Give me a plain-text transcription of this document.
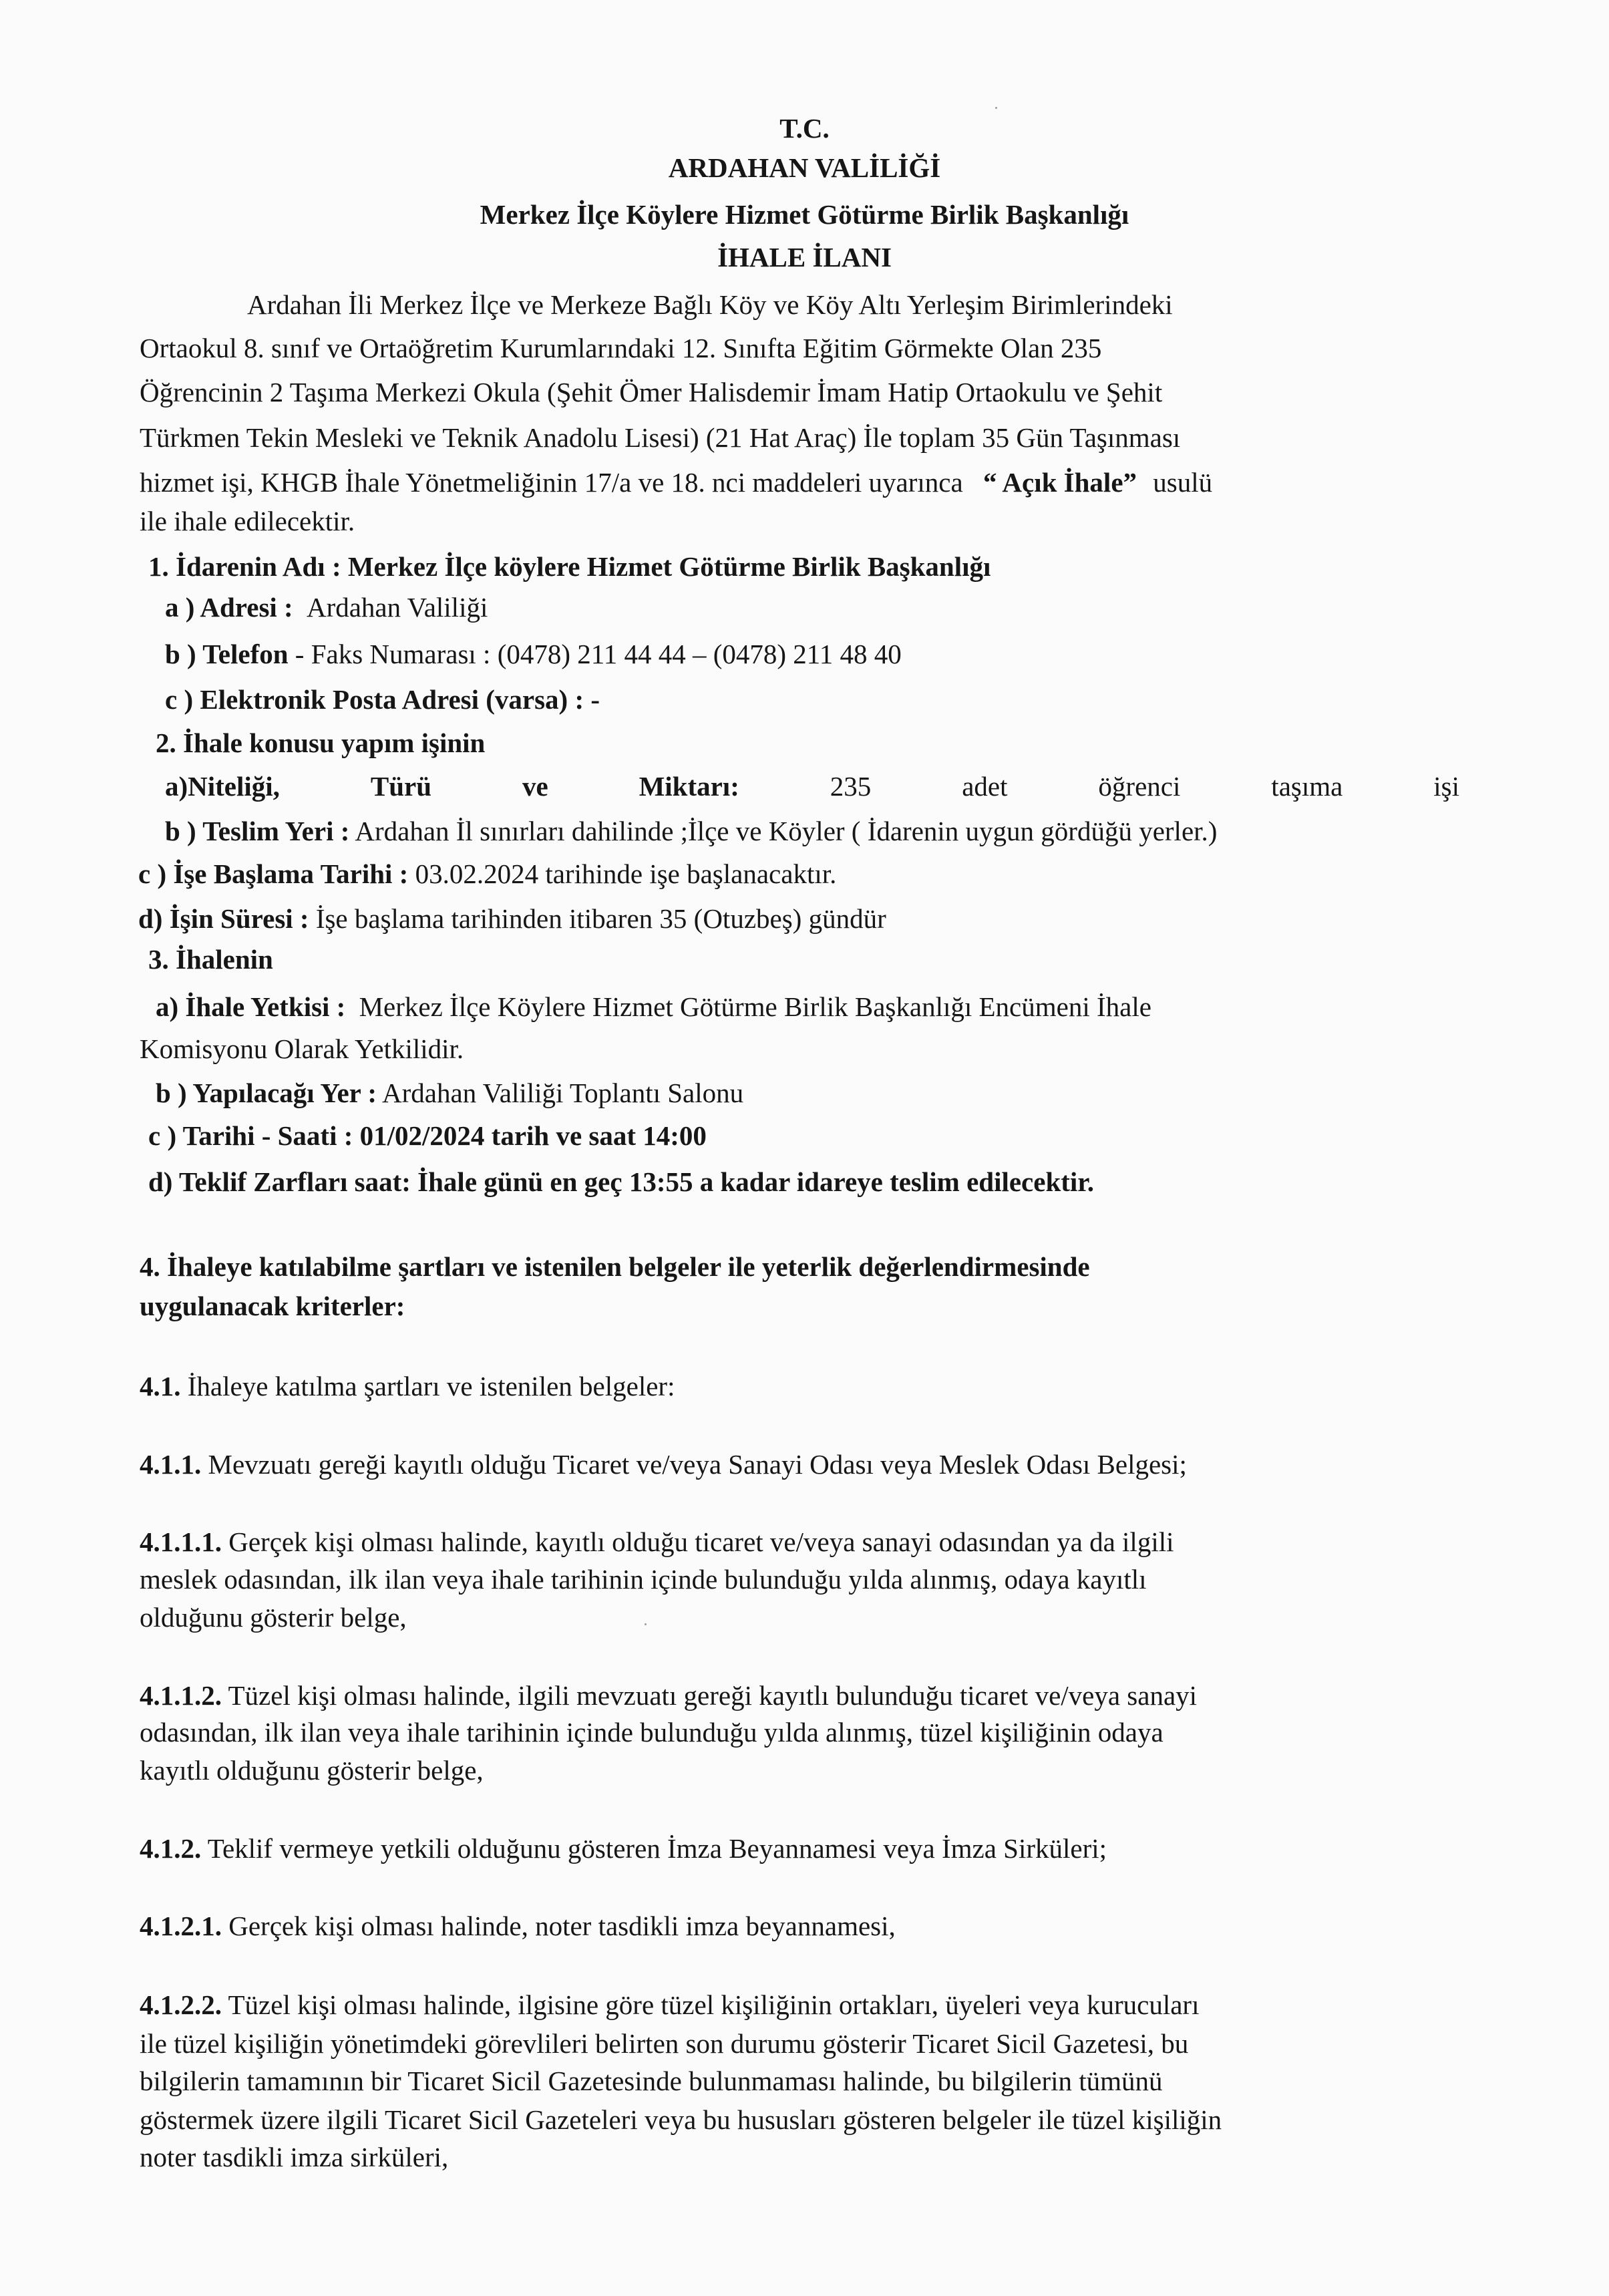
T.C.
ARDAHAN VALİLİĞİ
Merkez İlçe Köylere Hizmet Götürme Birlik Başkanlığı
İHALE İLANI
Ardahan İli Merkez İlçe ve Merkeze Bağlı Köy ve Köy Altı Yerleşim Birimlerindeki
Ortaokul 8. sınıf ve Ortaöğretim Kurumlarındaki 12. Sınıfta Eğitim Görmekte Olan 235
Öğrencinin 2 Taşıma Merkezi Okula (Şehit Ömer Halisdemir İmam Hatip Ortaokulu ve Şehit
Türkmen Tekin Mesleki ve Teknik Anadolu Lisesi) (21 Hat Araç) İle toplam 35 Gün Taşınması
hizmet işi, KHGB İhale Yönetmeliğinin 17/a ve 18. nci maddeleri uyarınca “ Açık İhale” usulü
ile ihale edilecektir.
1. İdarenin Adı : Merkez İlçe köylere Hizmet Götürme Birlik Başkanlığı
a ) Adresi : Ardahan Valiliği
b ) Telefon - Faks Numarası : (0478) 211 44 44 – (0478) 211 48 40
c ) Elektronik Posta Adresi (varsa) : -
2. İhale konusu yapım işinin
a)Niteliği,	Türü	ve	Miktarı:	235	adet	öğrenci	taşıma	işi
b ) Teslim Yeri : Ardahan İl sınırları dahilinde ;İlçe ve Köyler ( İdarenin uygun gördüğü yerler.)
c ) İşe Başlama Tarihi : 03.02.2024 tarihinde işe başlanacaktır.
d) İşin Süresi : İşe başlama tarihinden itibaren 35 (Otuzbeş) gündür
3. İhalenin
a) İhale Yetkisi : Merkez İlçe Köylere Hizmet Götürme Birlik Başkanlığı Encümeni İhale
Komisyonu Olarak Yetkilidir.
b ) Yapılacağı Yer : Ardahan Valiliği Toplantı Salonu
c ) Tarihi - Saati : 01/02/2024 tarih ve saat 14:00
d) Teklif Zarfları saat: İhale günü en geç 13:55 a kadar idareye teslim edilecektir.
4. İhaleye katılabilme şartları ve istenilen belgeler ile yeterlik değerlendirmesinde
uygulanacak kriterler:
4.1. İhaleye katılma şartları ve istenilen belgeler:
4.1.1. Mevzuatı gereği kayıtlı olduğu Ticaret ve/veya Sanayi Odası veya Meslek Odası Belgesi;
4.1.1.1. Gerçek kişi olması halinde, kayıtlı olduğu ticaret ve/veya sanayi odasından ya da ilgili
meslek odasından, ilk ilan veya ihale tarihinin içinde bulunduğu yılda alınmış, odaya kayıtlı
olduğunu gösterir belge,
4.1.1.2. Tüzel kişi olması halinde, ilgili mevzuatı gereği kayıtlı bulunduğu ticaret ve/veya sanayi
odasından, ilk ilan veya ihale tarihinin içinde bulunduğu yılda alınmış, tüzel kişiliğinin odaya
kayıtlı olduğunu gösterir belge,
4.1.2. Teklif vermeye yetkili olduğunu gösteren İmza Beyannamesi veya İmza Sirküleri;
4.1.2.1. Gerçek kişi olması halinde, noter tasdikli imza beyannamesi,
4.1.2.2. Tüzel kişi olması halinde, ilgisine göre tüzel kişiliğinin ortakları, üyeleri veya kurucuları
ile tüzel kişiliğin yönetimdeki görevlileri belirten son durumu gösterir Ticaret Sicil Gazetesi, bu
bilgilerin tamamının bir Ticaret Sicil Gazetesinde bulunmaması halinde, bu bilgilerin tümünü
göstermek üzere ilgili Ticaret Sicil Gazeteleri veya bu hususları gösteren belgeler ile tüzel kişiliğin
noter tasdikli imza sirküleri,
